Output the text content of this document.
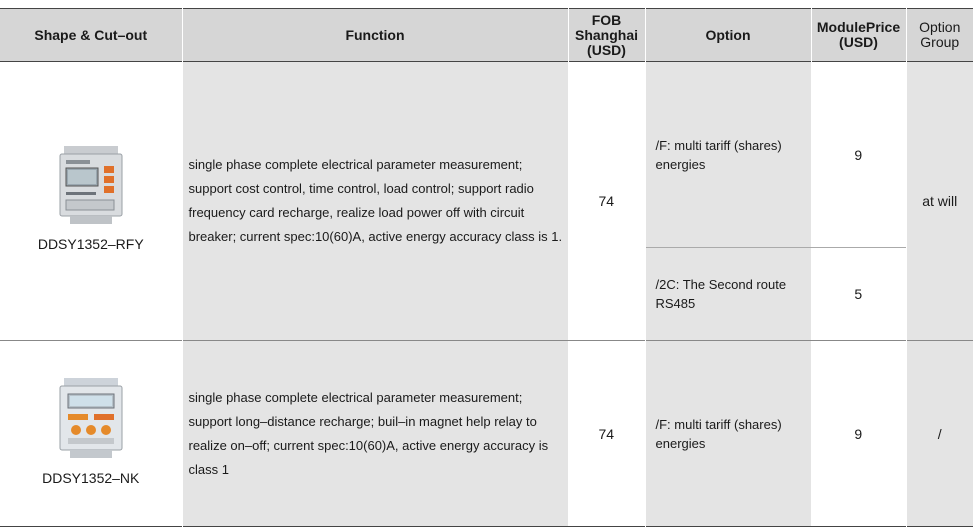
Shape & Cut–out	Function	FOB Shanghai (USD)	Option	ModulePrice (USD)	Option Group

DDSY1352–RFY	single phase complete electrical parameter measurement; support cost control, time control, load control; support radio frequency card recharge, realize load power off with circuit breaker; current spec:10(60)A, active energy accuracy class is 1.	74	/F: multi tariff (shares) energies	9	at will
			/2C: The Second route RS485	5	

DDSY1352–NK	single phase complete electrical parameter measurement; support long–distance recharge; buil–in magnet help relay to realize on–off; current spec:10(60)A, active energy accuracy is class 1	74	/F: multi tariff (shares) energies	9	/
